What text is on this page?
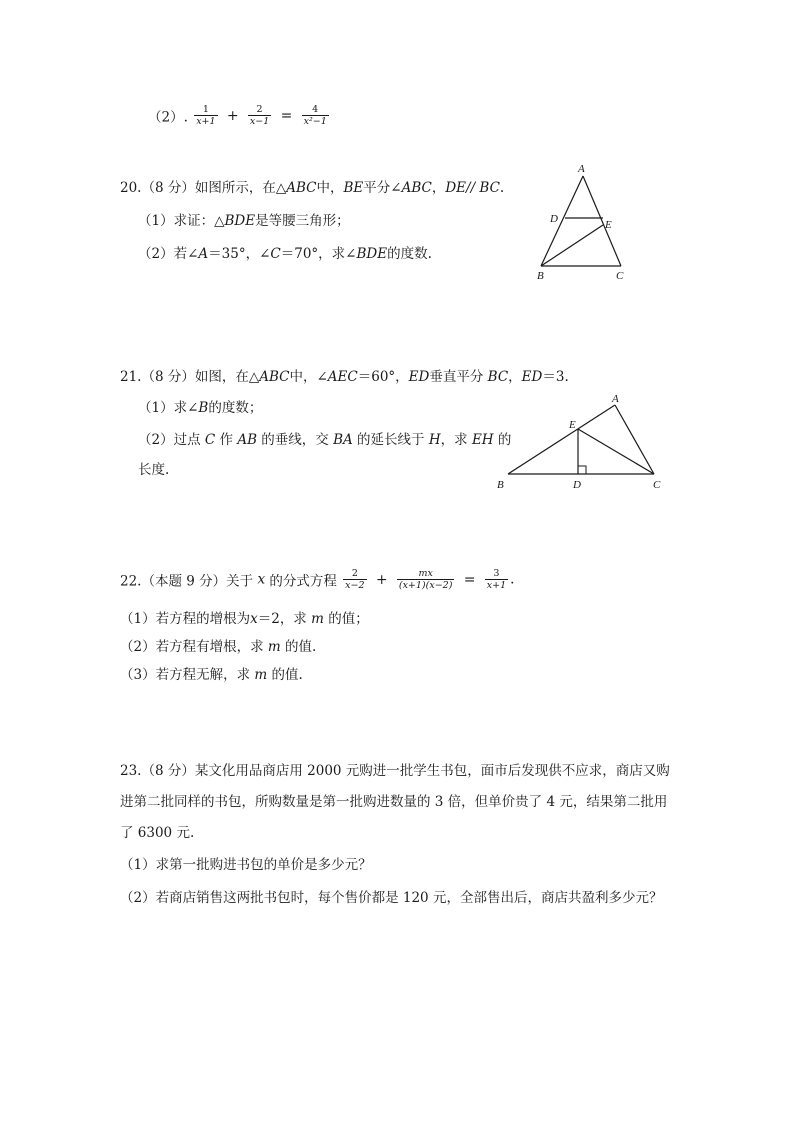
（2）. $\frac{1}{x+1} + \frac{2}{x-1} = \frac{4}{\text{x²−1}}$
20.（8 分）如图所示，在△ABC中，BE平分∠ABC，DE// BC.
（1）求证：△BDE是等腰三角形；
（2）若∠A＝35°，∠C＝70°，求∠BDE的度数.
A
D	E
B	C
21.（8 分）如图，在△ABC中，∠AEC＝60°，ED垂直平分 BC，ED＝3.
（1）求∠B的度数；
（2）过点 C 作 AB 的垂线，交 BA 的延长线于 H，求 EH 的
长度.
A
E
B	D	C
22.（本题 9 分）关于 x 的分式方程 $\frac{2}{x-2} + \frac{mx}{(x+1)(x-2)} = \frac{3}{x+1}$ .
（1）若方程的增根为x＝2，求 m 的值；
（2）若方程有增根，求 m 的值.
（3）若方程无解，求 m 的值.
23.（8 分）某文化用品商店用 2000 元购进一批学生书包，面市后发现供不应求，商店又购
进第二批同样的书包，所购数量是第一批购进数量的 3 倍，但单价贵了 4 元，结果第二批用
了 6300 元.
（1）求第一批购进书包的单价是多少元？
（2）若商店销售这两批书包时，每个售价都是 120 元，全部售出后，商店共盈利多少元？
